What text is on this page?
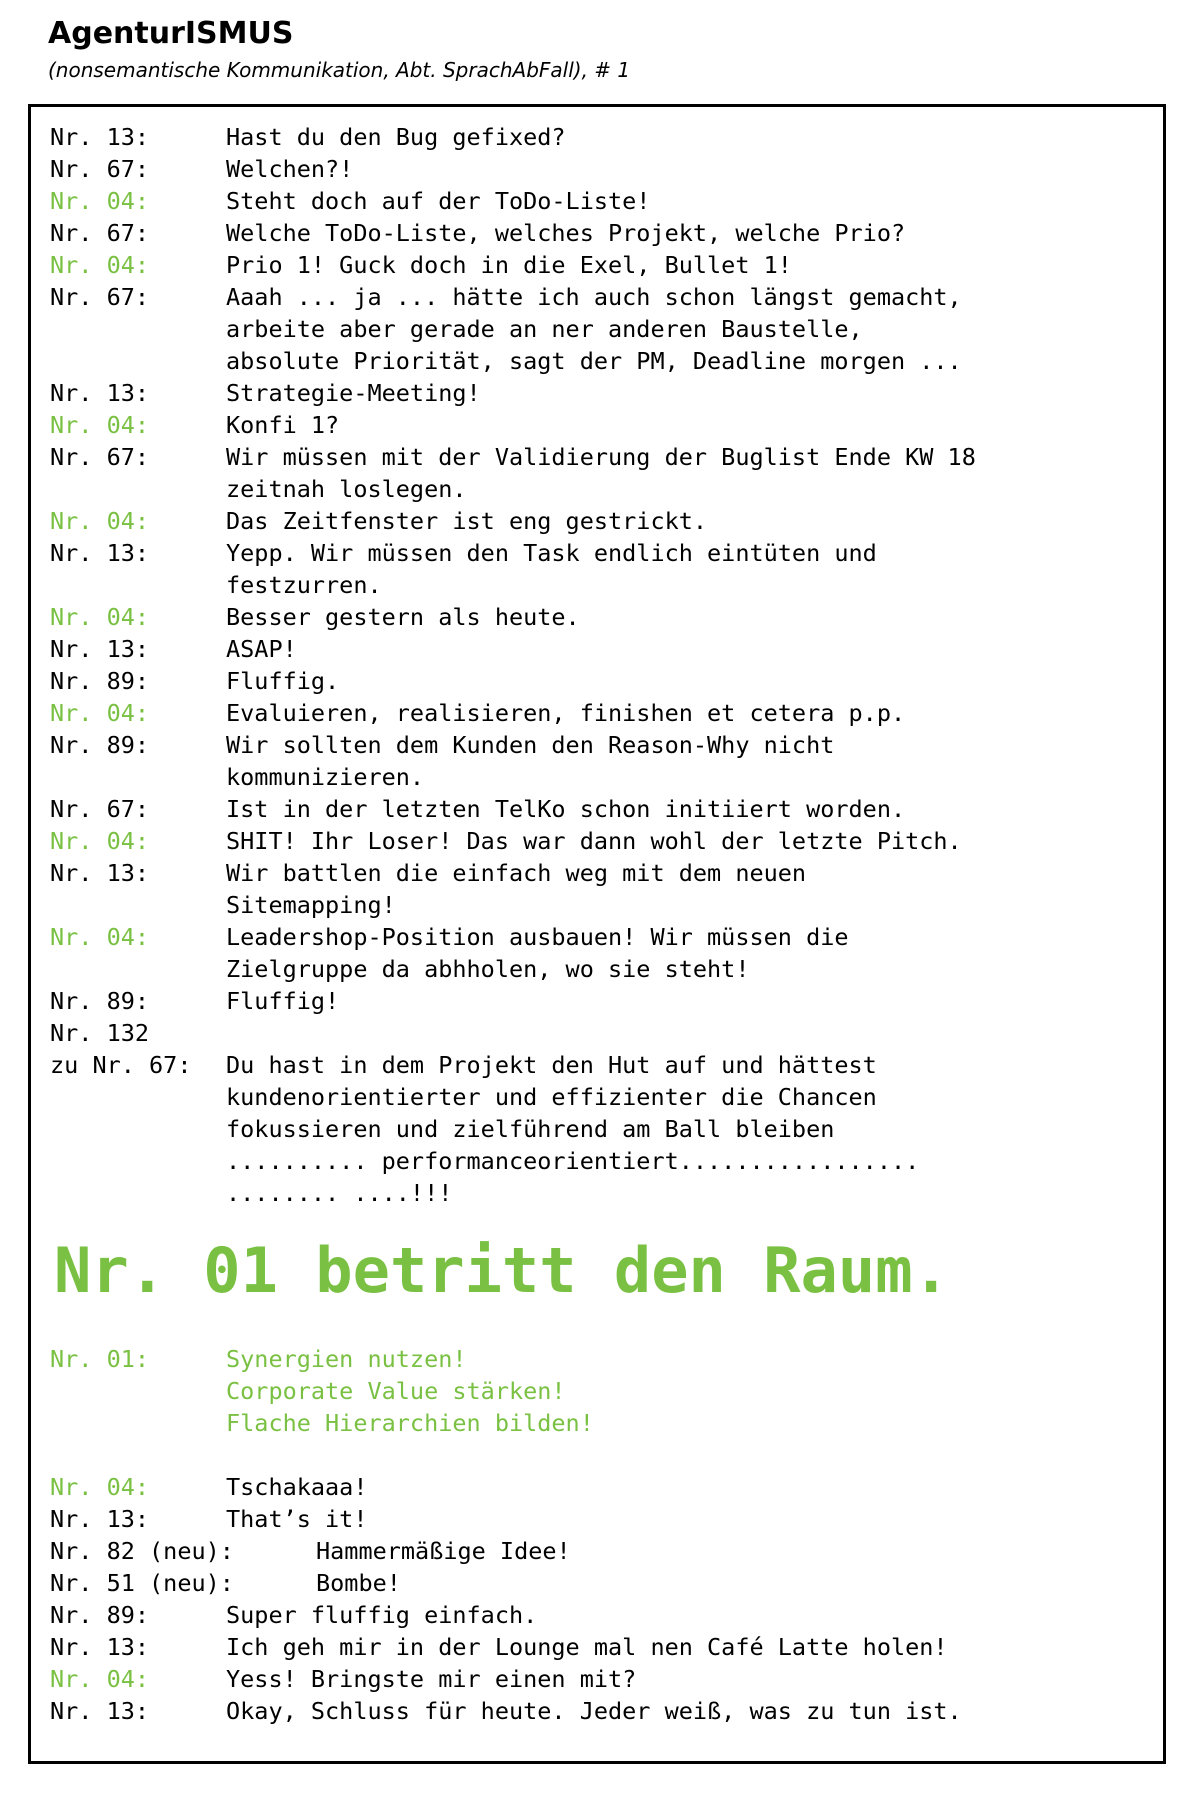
AgenturISMUS
(nonsemantische Kommunikation, Abt. SprachAbFall), # 1
Nr. 13:	Hast du den Bug gefixed?
Nr. 67:	Welchen?!
Nr. 04:	Steht doch auf der ToDo-Liste!
Nr. 67:	Welche ToDo-Liste, welches Projekt, welche Prio?
Nr. 04:	Prio 1! Guck doch in die Exel, Bullet 1!
Nr. 67:	Aaah ... ja ... hätte ich auch schon längst gemacht,
arbeite aber gerade an ner anderen Baustelle,
absolute Priorität, sagt der PM, Deadline morgen ...
Nr. 13:	Strategie-Meeting!
Nr. 04:	Konfi 1?
Nr. 67:	Wir müssen mit der Validierung der Buglist Ende KW 18
zeitnah loslegen.
Nr. 04:	Das Zeitfenster ist eng gestrickt.
Nr. 13:	Yepp. Wir müssen den Task endlich eintüten und
festzurren.
Nr. 04:	Besser gestern als heute.
Nr. 13:	ASAP!
Nr. 89:	Fluffig.
Nr. 04:	Evaluieren, realisieren, finishen et cetera p.p.
Nr. 89:	Wir sollten dem Kunden den Reason-Why nicht
kommunizieren.
Nr. 67:	Ist in der letzten TelKo schon initiiert worden.
Nr. 04:	SHIT! Ihr Loser! Das war dann wohl der letzte Pitch.
Nr. 13:	Wir battlen die einfach weg mit dem neuen
Sitemapping!
Nr. 04:	Leadershop-Position ausbauen! Wir müssen die
Zielgruppe da abhholen, wo sie steht!
Nr. 89:	Fluffig!
Nr. 132
zu Nr. 67:	Du hast in dem Projekt den Hut auf und hättest
kundenorientierter und effizienter die Chancen
fokussieren und zielführend am Ball bleiben
.......... performanceorientiert.................
........ ....!!!
Nr. 01 betritt den Raum.
Nr. 01:	Synergien nutzen!
Corporate Value stärken!
Flache Hierarchien bilden!
Nr. 04:	Tschakaaa!
Nr. 13:	That’s it!
Nr. 82 (neu):	Hammermäßige Idee!
Nr. 51 (neu):	Bombe!
Nr. 89:	Super fluffig einfach.
Nr. 13:	Ich geh mir in der Lounge mal nen Café Latte holen!
Nr. 04:	Yess! Bringste mir einen mit?
Nr. 13:	Okay, Schluss für heute. Jeder weiß, was zu tun ist.
